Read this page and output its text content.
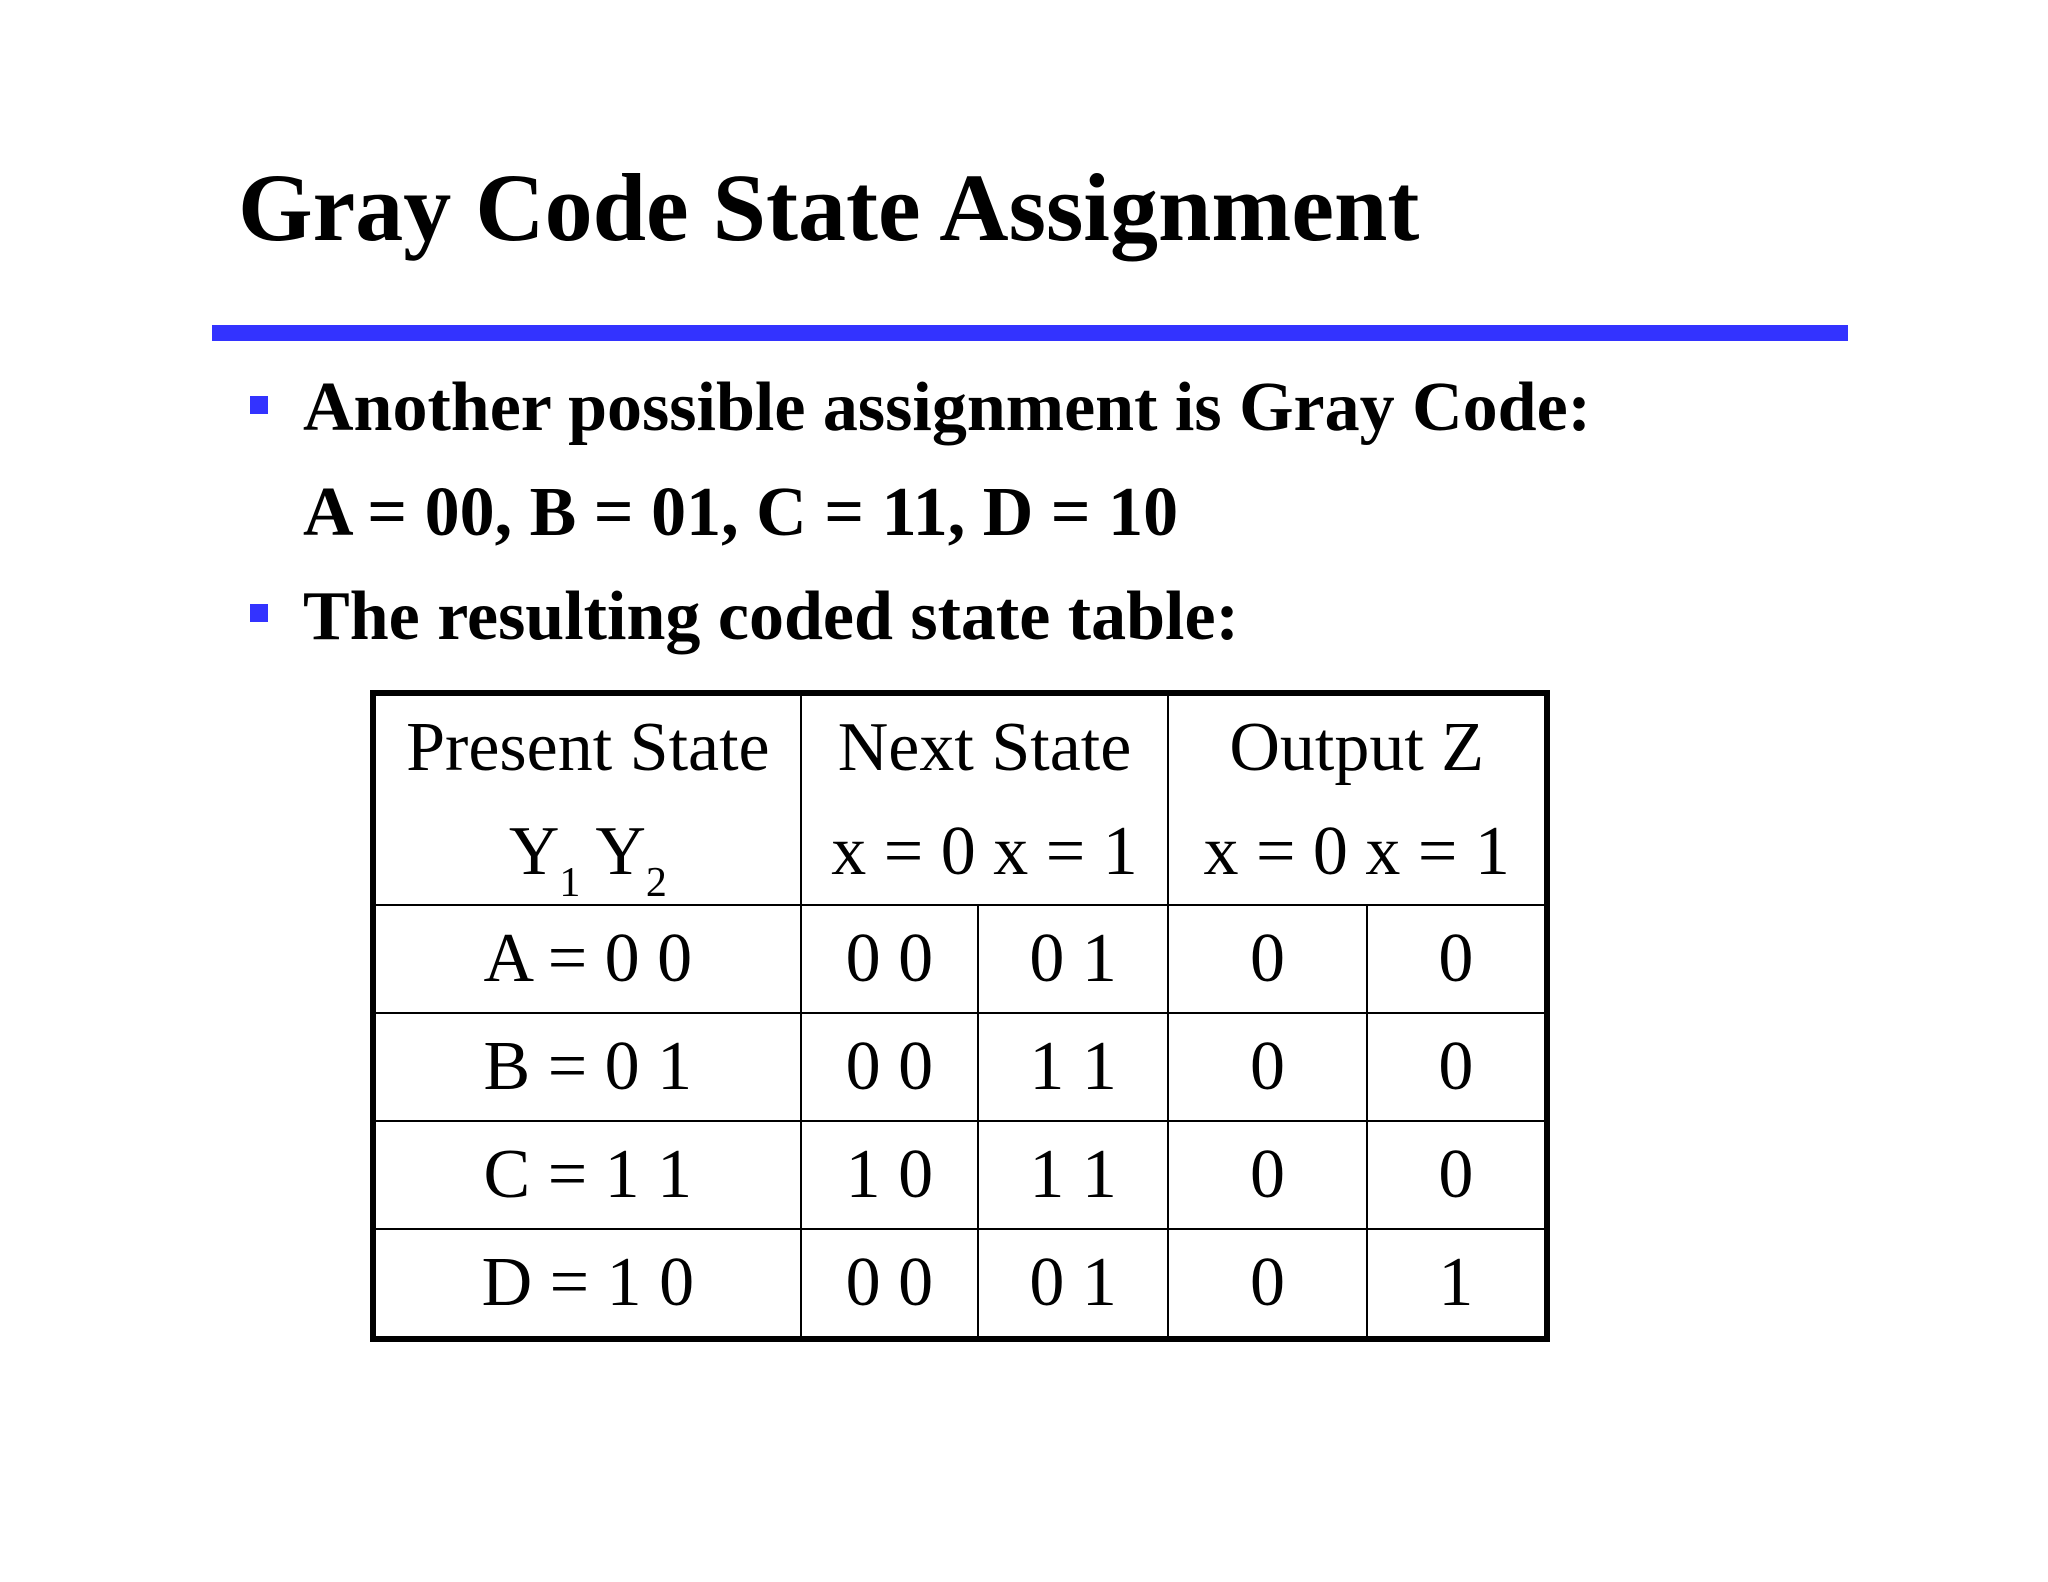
Gray Code State Assignment
Another possible assignment is Gray Code:
A = 00, B = 01, C = 11, D = 10
The resulting coded state table:
Present State	Next State		Output Z	
$Y_1$ $Y_2$	x = 0 x = 1		x = 0 x = 1	
A = 0 0	0 0	0 1	0	0
B = 0 1	0 0	1 1	0	0
C = 1 1	1 0	1 1	0	0
D = 1 0	0 0	0 1	0	1
